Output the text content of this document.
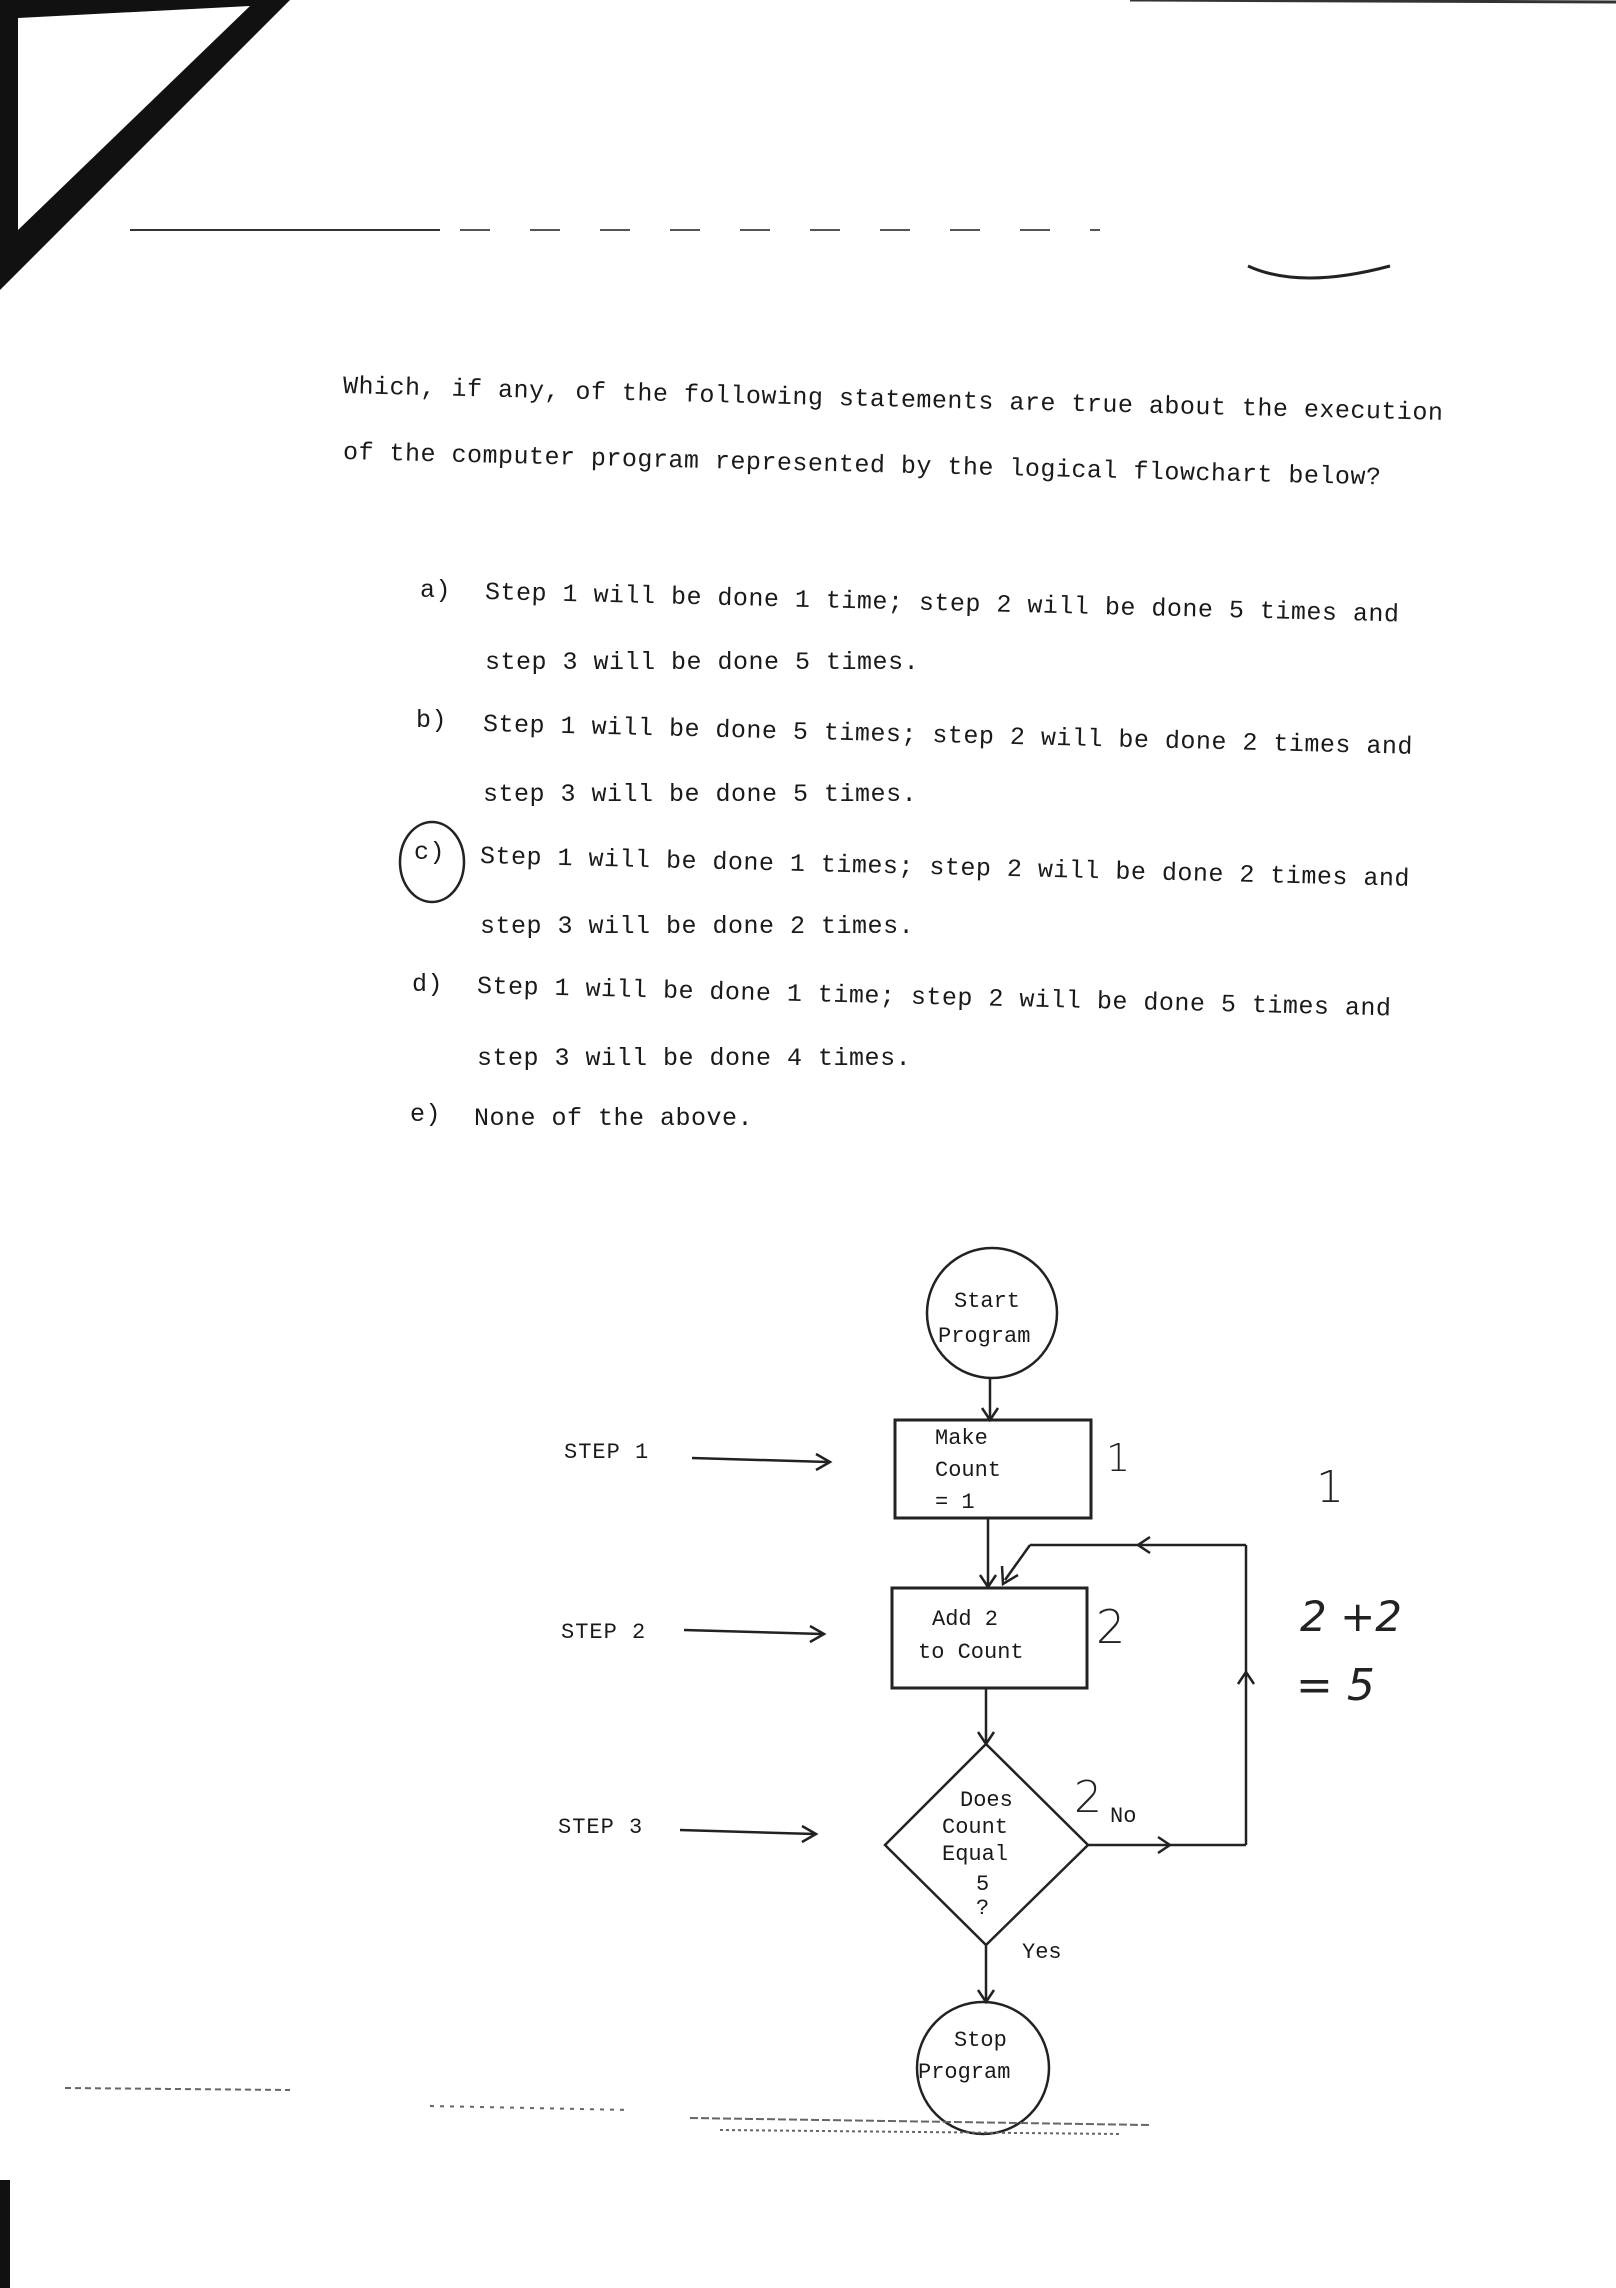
Start
Program
Make
Count
= 1
Add 2
to Count
Does
Count
Equal
5
?
No
Yes
Stop
Program
Which, if any, of the following statements are true about the execution
of the computer program represented by the logical flowchart below?
a) Step 1 will be done 1 time; step 2 will be done 5 times and
step 3 will be done 5 times.
b) Step 1 will be done 5 times; step 2 will be done 2 times and
step 3 will be done 5 times.
c) Step 1 will be done 1 times; step 2 will be done 2 times and
step 3 will be done 2 times.
d) Step 1 will be done 1 time; step 2 will be done 5 times and
step 3 will be done 4 times.
e) None of the above.
STEP 1
STEP 2
STEP 3
1
1
2	2 +2
= 5
2
